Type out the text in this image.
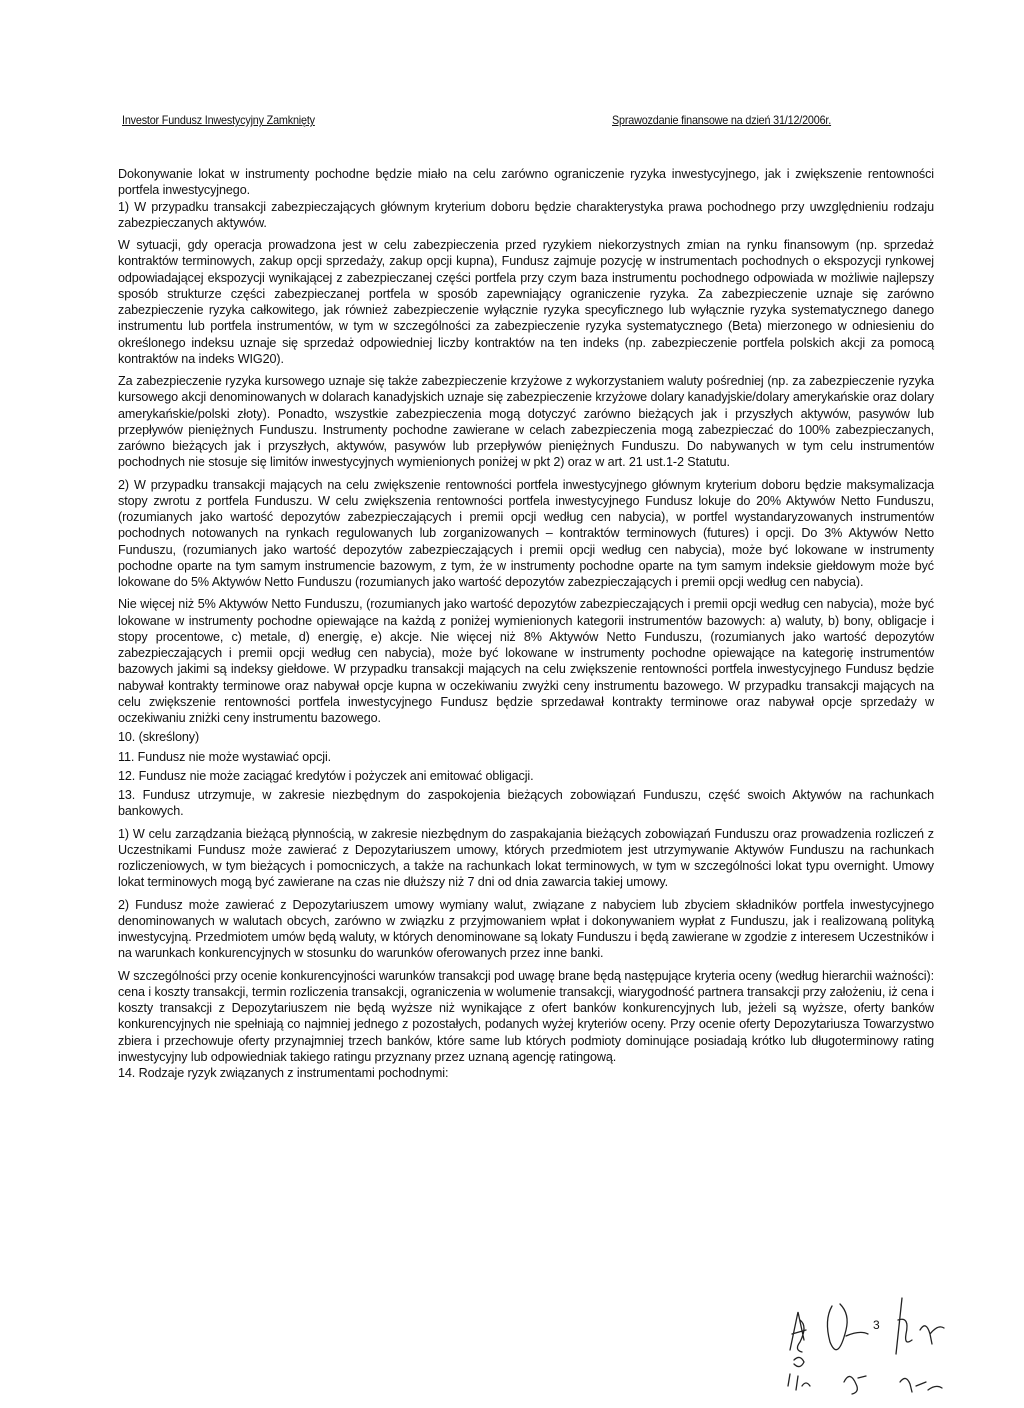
Investor Fundusz Inwestycyjny Zamknięty	Sprawozdanie finansowe na dzień 31/12/2006r.

Dokonywanie lokat w instrumenty pochodne będzie miało na celu zarówno ograniczenie ryzyka inwestycyjnego, jak i zwiększenie rentowności portfela inwestycyjnego.

1) W przypadku transakcji zabezpieczających głównym kryterium doboru będzie charakterystyka prawa pochodnego przy uwzględnieniu rodzaju zabezpieczanych aktywów.

W sytuacji, gdy operacja prowadzona jest w celu zabezpieczenia przed ryzykiem niekorzystnych zmian na rynku finansowym (np. sprzedaż kontraktów terminowych, zakup opcji sprzedaży, zakup opcji kupna), Fundusz zajmuje pozycję w instrumentach pochodnych o ekspozycji rynkowej odpowiadającej ekspozycji wynikającej z zabezpieczanej części portfela przy czym baza instrumentu pochodnego odpowiada w możliwie najlepszy sposób strukturze części zabezpieczanej portfela w sposób zapewniający ograniczenie ryzyka. Za zabezpieczenie uznaje się zarówno zabezpieczenie ryzyka całkowitego, jak również zabezpieczenie wyłącznie ryzyka specyficznego lub wyłącznie ryzyka systematycznego danego instrumentu lub portfela instrumentów, w tym w szczególności za zabezpieczenie ryzyka systematycznego (Beta) mierzonego w odniesieniu do określonego indeksu uznaje się sprzedaż odpowiedniej liczby kontraktów na ten indeks (np. zabezpieczenie portfela polskich akcji za pomocą kontraktów na indeks WIG20).

Za zabezpieczenie ryzyka kursowego uznaje się także zabezpieczenie krzyżowe z wykorzystaniem waluty pośredniej (np. za zabezpieczenie ryzyka kursowego akcji denominowanych w dolarach kanadyjskich uznaje się zabezpieczenie krzyżowe dolary kanadyjskie/dolary amerykańskie oraz dolary amerykańskie/polski złoty). Ponadto, wszystkie zabezpieczenia mogą dotyczyć zarówno bieżących jak i przyszłych aktywów, pasywów lub przepływów pieniężnych Funduszu. Instrumenty pochodne zawierane w celach zabezpieczenia mogą zabezpieczać do 100% zabezpieczanych, zarówno bieżących jak i przyszłych, aktywów, pasywów lub przepływów pieniężnych Funduszu. Do nabywanych w tym celu instrumentów pochodnych nie stosuje się limitów inwestycyjnych wymienionych poniżej w pkt 2) oraz w art. 21 ust.1-2 Statutu.

2) W przypadku transakcji mających na celu zwiększenie rentowności portfela inwestycyjnego głównym kryterium doboru będzie maksymalizacja stopy zwrotu z portfela Funduszu. W celu zwiększenia rentowności portfela inwestycyjnego Fundusz lokuje do 20% Aktywów Netto Funduszu, (rozumianych jako wartość depozytów zabezpieczających i premii opcji według cen nabycia), w portfel wystandaryzowanych instrumentów pochodnych notowanych na rynkach regulowanych lub zorganizowanych – kontraktów terminowych (futures) i opcji. Do 3% Aktywów Netto Funduszu, (rozumianych jako wartość depozytów zabezpieczających i premii opcji według cen nabycia), może być lokowane w instrumenty pochodne oparte na tym samym instrumencie bazowym, z tym, że w instrumenty pochodne oparte na tym samym indeksie giełdowym może być lokowane do 5% Aktywów Netto Funduszu (rozumianych jako wartość depozytów zabezpieczających i premii opcji według cen nabycia).

Nie więcej niż 5% Aktywów Netto Funduszu, (rozumianych jako wartość depozytów zabezpieczających i premii opcji według cen nabycia), może być lokowane w instrumenty pochodne opiewające na każdą z poniżej wymienionych kategorii instrumentów bazowych: a) waluty, b) bony, obligacje i stopy procentowe, c) metale, d) energię, e) akcje. Nie więcej niż 8% Aktywów Netto Funduszu, (rozumianych jako wartość depozytów zabezpieczających i premii opcji według cen nabycia), może być lokowane w instrumenty pochodne opiewające na kategorię instrumentów bazowych jakimi są indeksy giełdowe. W przypadku transakcji mających na celu zwiększenie rentowności portfela inwestycyjnego Fundusz będzie nabywał kontrakty terminowe oraz nabywał opcje kupna w oczekiwaniu zwyżki ceny instrumentu bazowego. W przypadku transakcji mających na celu zwiększenie rentowności portfela inwestycyjnego Fundusz będzie sprzedawał kontrakty terminowe oraz nabywał opcje sprzedaży w oczekiwaniu zniżki ceny instrumentu bazowego.

10. (skreślony)

11. Fundusz nie może wystawiać opcji.

12. Fundusz nie może zaciągać kredytów i pożyczek ani emitować obligacji.

13. Fundusz utrzymuje, w zakresie niezbędnym do zaspokojenia bieżących zobowiązań Funduszu, część swoich Aktywów na rachunkach bankowych.

1) W celu zarządzania bieżącą płynnością, w zakresie niezbędnym do zaspakajania bieżących zobowiązań Funduszu oraz prowadzenia rozliczeń z Uczestnikami Fundusz może zawierać z Depozytariuszem umowy, których przedmiotem jest utrzymywanie Aktywów Funduszu na rachunkach rozliczeniowych, w tym bieżących i pomocniczych, a także na rachunkach lokat terminowych, w tym w szczególności lokat typu overnight. Umowy lokat terminowych mogą być zawierane na czas nie dłuższy niż 7 dni od dnia zawarcia takiej umowy.

2) Fundusz może zawierać z Depozytariuszem umowy wymiany walut, związane z nabyciem lub zbyciem składników portfela inwestycyjnego denominowanych w walutach obcych, zarówno w związku z przyjmowaniem wpłat i dokonywaniem wypłat z Funduszu, jak i realizowaną polityką inwestycyjną. Przedmiotem umów będą waluty, w których denominowane są lokaty Funduszu i będą zawierane w zgodzie z interesem Uczestników i na warunkach konkurencyjnych w stosunku do warunków oferowanych przez inne banki.

W szczególności przy ocenie konkurencyjności warunków transakcji pod uwagę brane będą następujące kryteria oceny (według hierarchii ważności): cena i koszty transakcji, termin rozliczenia transakcji, ograniczenia w wolumenie transakcji, wiarygodność partnera transakcji przy założeniu, iż cena i koszty transakcji z Depozytariuszem nie będą wyższe niż wynikające z ofert banków konkurencyjnych lub, jeżeli są wyższe, oferty banków konkurencyjnych nie spełniają co najmniej jednego z pozostałych, podanych wyżej kryteriów oceny. Przy ocenie oferty Depozytariusza Towarzystwo zbiera i przechowuje oferty przynajmniej trzech banków, które same lub których podmioty dominujące posiadają krótko lub długoterminowy rating inwestycyjny lub odpowiedniak takiego ratingu przyznany przez uznaną agencję ratingową.

14. Rodzaje ryzyk związanych z instrumentami pochodnymi:

3
